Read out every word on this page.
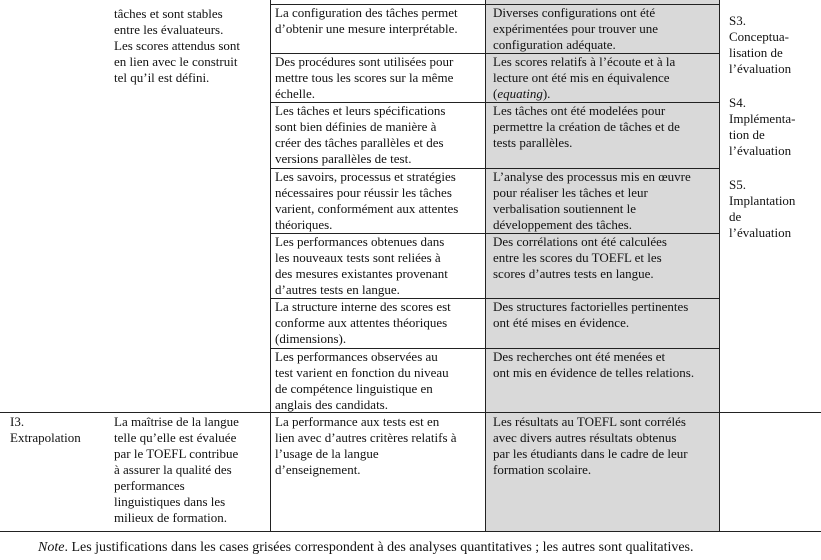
tâches et sont stables
entre les évaluateurs.
Les scores attendus sont
en lien avec le construit
tel qu’il est défini.
La configuration des tâches permet
d’obtenir une mesure interprétable.
Diverses configurations ont été
expérimentées pour trouver une
configuration adéquate.
Des procédures sont utilisées pour
mettre tous les scores sur la même
échelle.
Les scores relatifs à l’écoute et à la
lecture ont été mis en équivalence
(equating).
Les tâches et leurs spécifications
sont bien définies de manière à
créer des tâches parallèles et des
versions parallèles de test.
Les tâches ont été modelées pour
permettre la création de tâches et de
tests parallèles.
Les savoirs, processus et stratégies
nécessaires pour réussir les tâches
varient, conformément aux attentes
théoriques.
L’analyse des processus mis en œuvre
pour réaliser les tâches et leur
verbalisation soutiennent le
développement des tâches.
Les performances obtenues dans
les nouveaux tests sont reliées à
des mesures existantes provenant
d’autres tests en langue.
Des corrélations ont été calculées
entre les scores du TOEFL et les
scores d’autres tests en langue.
La structure interne des scores est
conforme aux attentes théoriques
(dimensions).
Des structures factorielles pertinentes
ont été mises en évidence.
Les performances observées au
test varient en fonction du niveau
de compétence linguistique en
anglais des candidats.
Des recherches ont été menées et
ont mis en évidence de telles relations.
S3.
Conceptua-
lisation de
l’évaluation
S4.
Implémenta-
tion de
l’évaluation
S5.
Implantation
de
l’évaluation
I3.
Extrapolation
La maîtrise de la langue
telle qu’elle est évaluée
par le TOEFL contribue
à assurer la qualité des
performances
linguistiques dans les
milieux de formation.
La performance aux tests est en
lien avec d’autres critères relatifs à
l’usage de la langue
d’enseignement.
Les résultats au TOEFL sont corrélés
avec divers autres résultats obtenus
par les étudiants dans le cadre de leur
formation scolaire.
Note. Les justifications dans les cases grisées correspondent à des analyses quantitatives ; les autres sont qualitatives.
